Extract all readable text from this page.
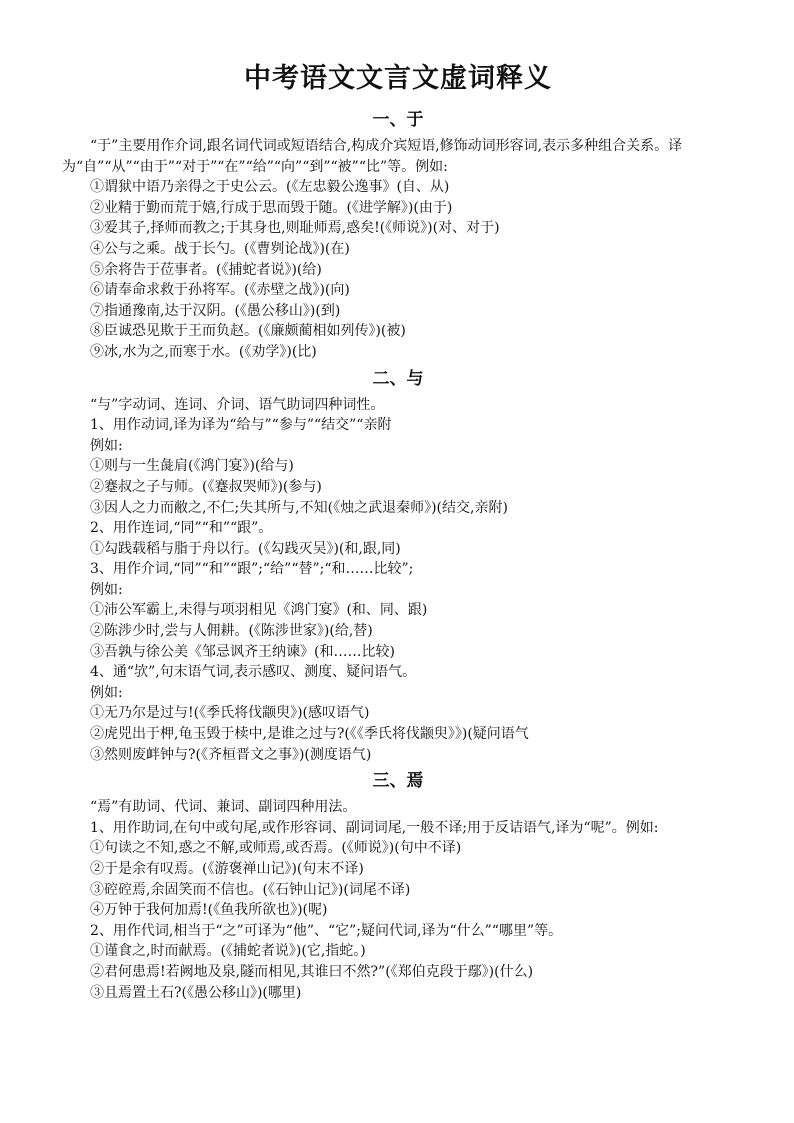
中考语文文言文虚词释义
一、于

“于”主要用作介词,跟名词代词或短语结合,构成介宾短语,修饰动词形容词,表示多种组合关系。译为“自”“从”“由于”“对于”“在”“给”“向”“到”“被”“比”等。例如:

①谓狱中语乃亲得之于史公云。(《左忠毅公逸事》(自、从)

②业精于勤而荒于嬉,行成于思而毁于随。(《进学解》)(由于)

③爱其子,择师而教之;于其身也,则耻师焉,惑矣!(《师说》)(对、对于)

④公与之乘。战于长勺。(《曹刿论战》)(在)

⑤余将告于莅事者。(《捕蛇者说》)(给)

⑥请奉命求救于孙将军。(《赤壁之战》)(向)

⑦指通豫南,达于汉阴。(《愚公移山》)(到)

⑧臣诚恐见欺于王而负赵。(《廉颇蔺相如列传》)(被)

⑨冰,水为之,而寒于水。(《劝学》)(比)

二、与

“与”字动词、连词、介词、语气助词四种词性。

1、用作动词,译为译为“给与”“参与”“结交”“亲附

例如:

①则与一生彘肩(《鸿门宴》)(给与)

②蹇叔之子与师。(《蹇叔哭师》)(参与)

③因人之力而敝之,不仁;失其所与,不知(《烛之武退秦师》)(结交,亲附)

2、用作连词,“同”“和”“跟”。

①勾践载稻与脂于舟以行。(《勾践灭吴》)(和,跟,同)

3、用作介词,“同”“和”“跟”;“给”“替”;“和……比较”;

例如:

①沛公军霸上,未得与项羽相见《鸿门宴》(和、同、跟)

②陈涉少时,尝与人佣耕。(《陈涉世家》)(给,替)

③吾孰与徐公美《邹忌讽齐王纳谏》(和……比较)

4、通“欤”,句末语气词,表示感叹、测度、疑问语气。

例如:

①无乃尔是过与!(《季氏将伐颛臾》)(感叹语气)

②虎兕出于柙,龟玉毁于椟中,是谁之过与?(《《季氏将伐颛臾》》)(疑问语气

③然则废衅钟与?(《齐桓晋文之事》)(测度语气)

三、焉

“焉”有助词、代词、兼词、副词四种用法。

1、用作助词,在句中或句尾,或作形容词、副词词尾,一般不译;用于反诘语气,译为“呢”。例如:

①句读之不知,惑之不解,或师焉,或否焉。(《师说》)(句中不译)

②于是余有叹焉。(《游褒禅山记》)(句末不译)

③硿硿焉,余固笑而不信也。(《石钟山记》)(词尾不译)

④万钟于我何加焉!(《鱼我所欲也》)(呢)

2、用作代词,相当于“之”可译为“他”、“它”;疑问代词,译为“什么”“哪里”等。

①谨食之,时而献焉。(《捕蛇者说》)(它,指蛇。)

②君何患焉!若阙地及泉,隧而相见,其谁曰不然?”(《郑伯克段于鄢》)(什么)

③且焉置土石?(《愚公移山》)(哪里)
